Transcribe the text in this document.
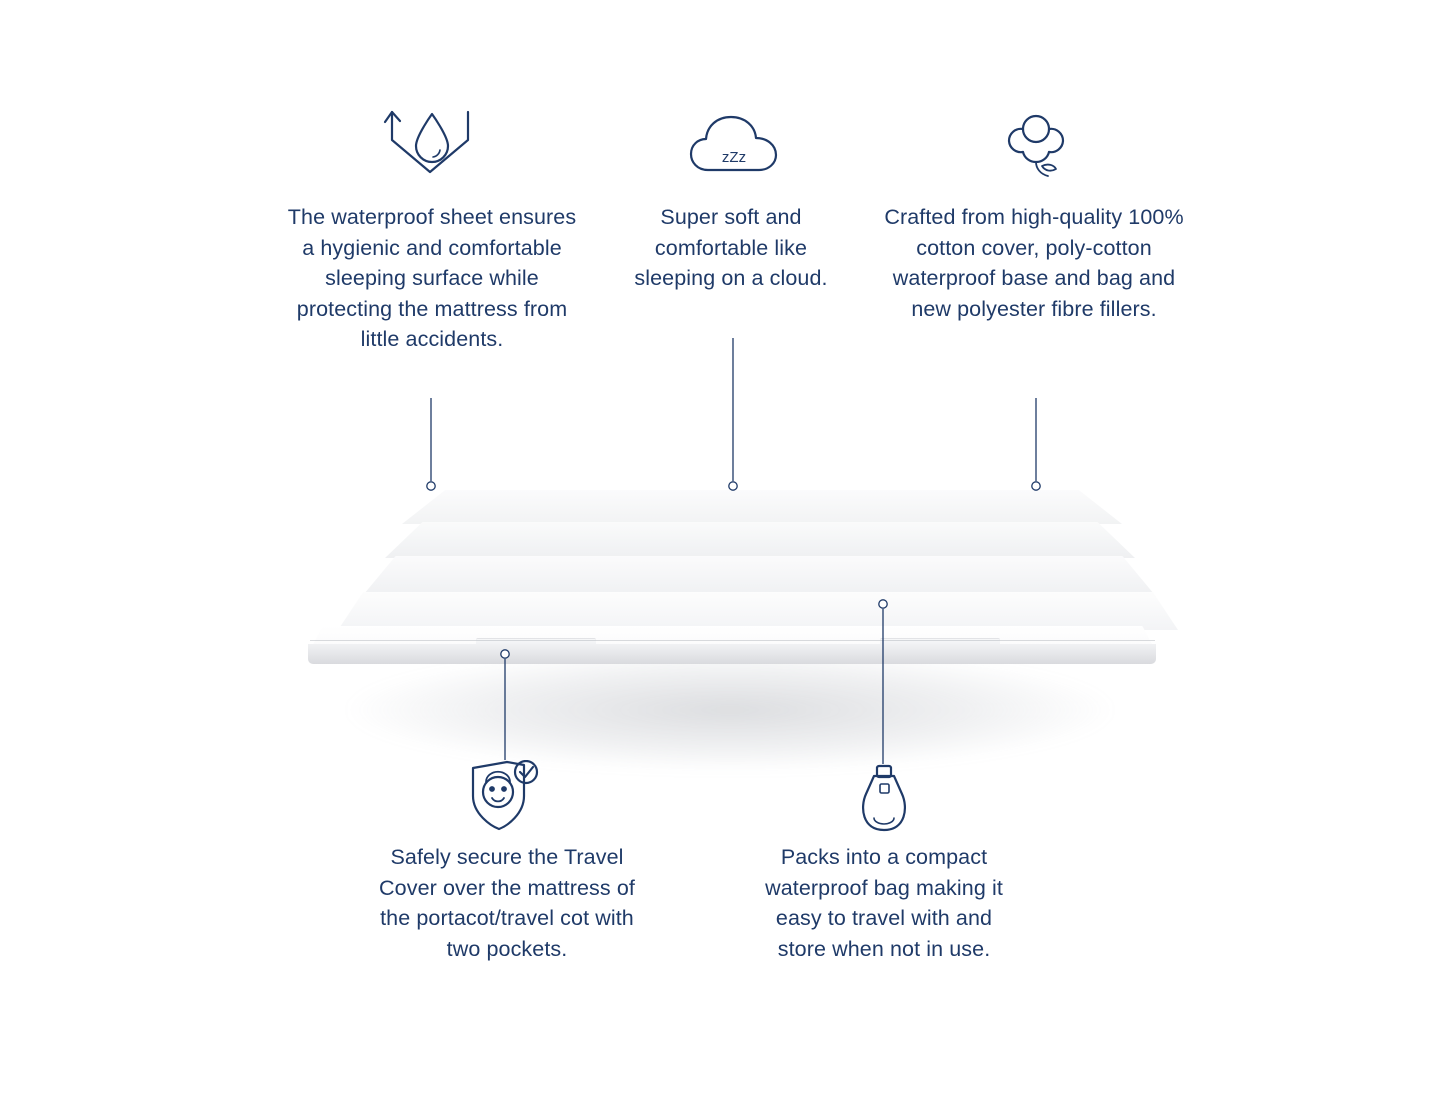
The waterproof sheet ensures a hygienic and comfortable sleeping surface while protecting the mattress from little accidents.
zZz
Super soft and comfortable like sleeping on a cloud.
Crafted from high-quality 100% cotton cover, poly-cotton waterproof base and bag and new polyester fibre fillers.
Safely secure the Travel Cover over the mattress of the portacot/travel cot with two pockets.
Packs into a compact waterproof bag making it easy to travel with and store when not in use.
